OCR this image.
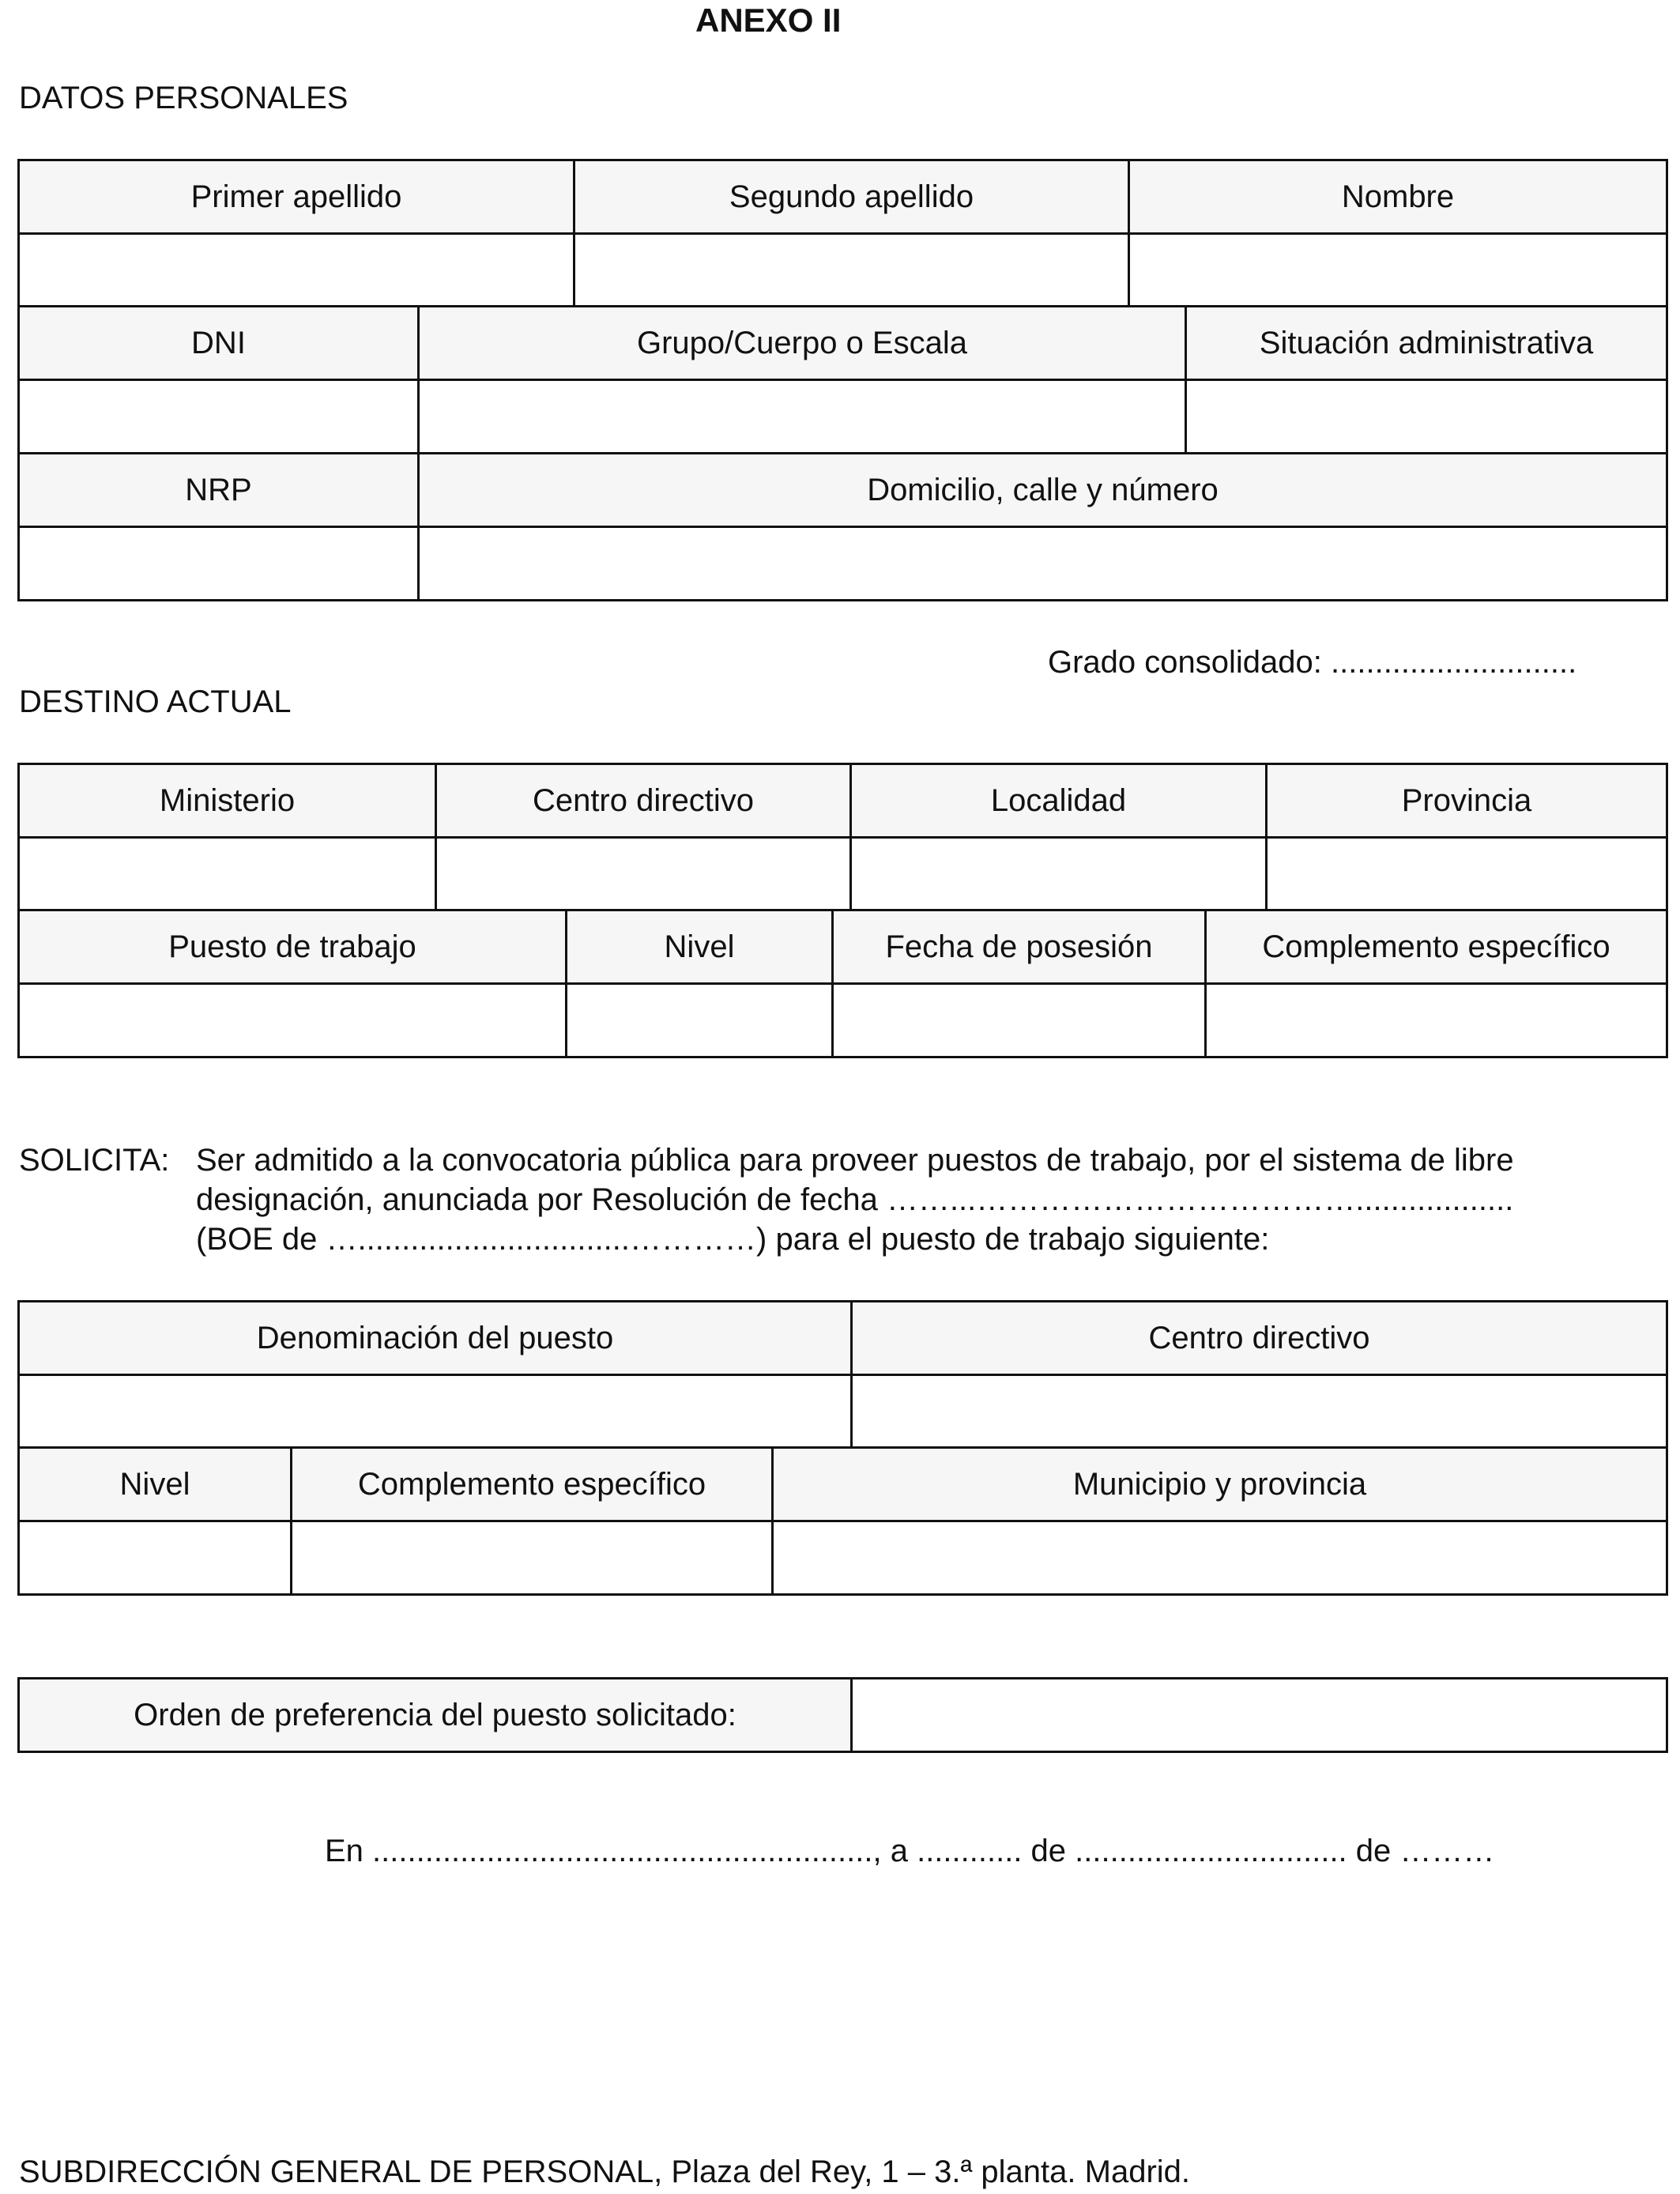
ANEXO II
DATOS PERSONALES
Primer apellido	Segundo apellido	Nombre

DNI	Grupo/Cuerpo o Escala	Situación administrativa

NRP	Domicilio, calle y número

Grado consolidado: ............................
DESTINO ACTUAL
Ministerio	Centro directivo	Localidad	Provincia

Puesto de trabajo	Nivel	Fecha de posesión	Complemento específico

SOLICITA: Ser admitido a la convocatoria pública para proveer puestos de trabajo, por el sistema de libre
designación, anunciada por Resolución de fecha ……...………………………………..................
(BOE de …...............................…………) para el puesto de trabajo siguiente:
Denominación del puesto	Centro directivo

Nivel	Complemento específico	Municipio y provincia

Orden de preferencia del puesto solicitado:	
En ........................................................., a ............ de ............................... de ………
SUBDIRECCIÓN GENERAL DE PERSONAL, Plaza del Rey, 1 – 3.ª planta. Madrid.
